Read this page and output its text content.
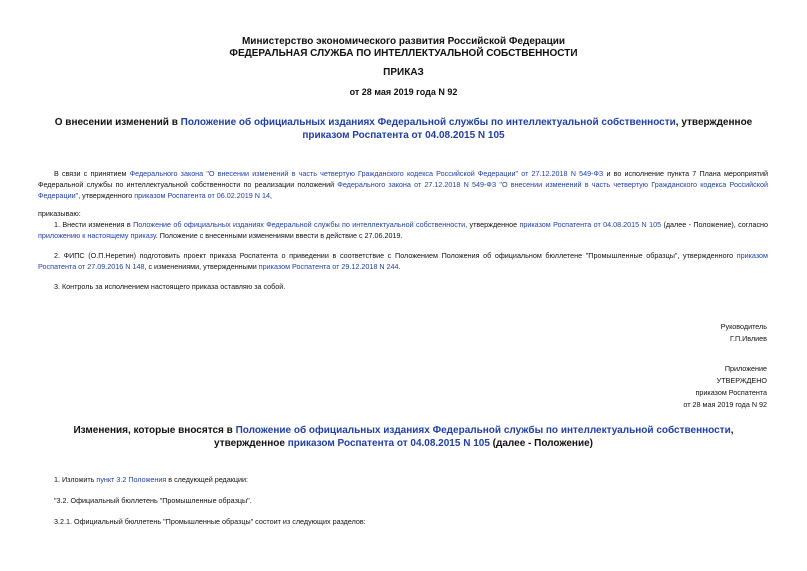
Министерство экономического развития Российской Федерации
ФЕДЕРАЛЬНАЯ СЛУЖБА ПО ИНТЕЛЛЕКТУАЛЬНОЙ СОБСТВЕННОСТИ
ПРИКАЗ
от 28 мая 2019 года N 92
О внесении изменений в Положение об официальных изданиях Федеральной службы по интеллектуальной собственности, утвержденное приказом Роспатента от 04.08.2015 N 105
В связи с принятием Федерального закона "О внесении изменений в часть четвертую Гражданского кодекса Российской Федерации" от 27.12.2018 N 549-ФЗ и во исполнение пункта 7 Плана мероприятий Федеральной службы по интеллектуальной собственности по реализации положений Федерального закона от 27.12.2018 N 549-ФЗ "О внесении изменений в часть четвертую Гражданского кодекса Российской Федерации", утвержденного приказом Роспатента от 06.02.2019 N 14,
приказываю:
1. Внести изменения в Положение об официальных изданиях Федеральной службы по интеллектуальной собственности, утвержденное приказом Роспатента от 04.08.2015 N 105 (далее - Положение), согласно приложению к настоящему приказу. Положение с внесенными изменениями ввести в действие с 27.06.2019.
2. ФИПС (О.П.Неретин) подготовить проект приказа Роспатента о приведении в соответствие с Положением Положения об официальном бюллетене "Промышленные образцы", утвержденного приказом Роспатента от 27.09.2016 N 148, с изменениями, утвержденными приказом Роспатента от 29.12.2018 N 244.
3. Контроль за исполнением настоящего приказа оставляю за собой.
Руководитель
Г.П.Ивлиев
Приложение
УТВЕРЖДЕНО
приказом Роспатента
от 28 мая 2019 года N 92
Изменения, которые вносятся в Положение об официальных изданиях Федеральной службы по интеллектуальной собственности, утвержденное приказом Роспатента от 04.08.2015 N 105 (далее - Положение)
1. Изложить пункт 3.2 Положения в следующей редакции:
"3.2. Официальный бюллетень "Промышленные образцы".
3.2.1. Официальный бюллетень "Промышленные образцы" состоит из следующих разделов:
